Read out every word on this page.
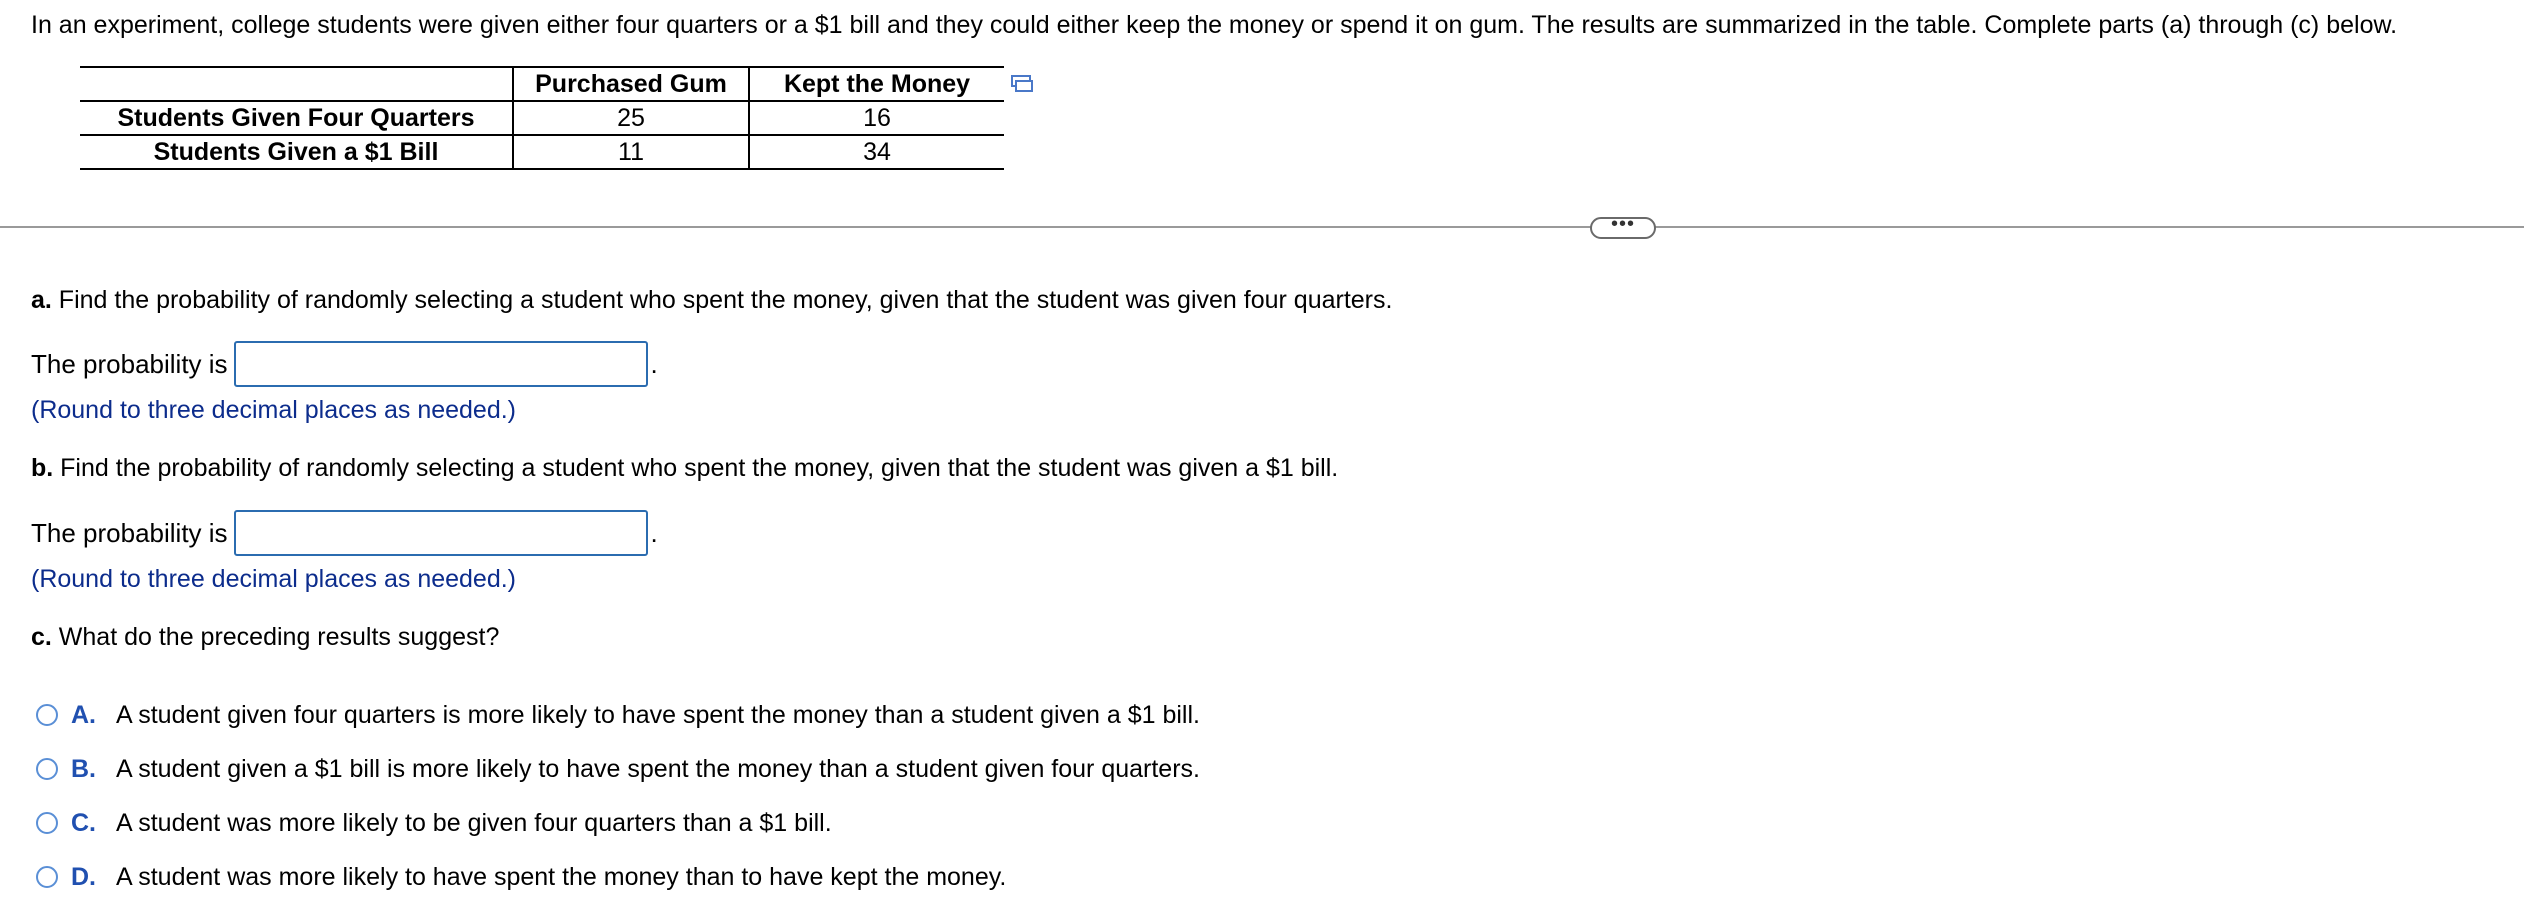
In an experiment, college students were given either four quarters or a $1 bill and they could either keep the money or spend it on gum. The results are summarized in the table. Complete parts (a) through (c) below.
	Purchased Gum	Kept the Money
Students Given Four Quarters	25	16
Students Given a $1 Bill	11	34
•••
a. Find the probability of randomly selecting a student who spent the money, given that the student was given four quarters.
The probability is	.
(Round to three decimal places as needed.)
b. Find the probability of randomly selecting a student who spent the money, given that the student was given a $1 bill.
The probability is	.
(Round to three decimal places as needed.)
c. What do the preceding results suggest?
A. A student given four quarters is more likely to have spent the money than a student given a $1 bill.
B. A student given a $1 bill is more likely to have spent the money than a student given four quarters.
C. A student was more likely to be given four quarters than a $1 bill.
D. A student was more likely to have spent the money than to have kept the money.
